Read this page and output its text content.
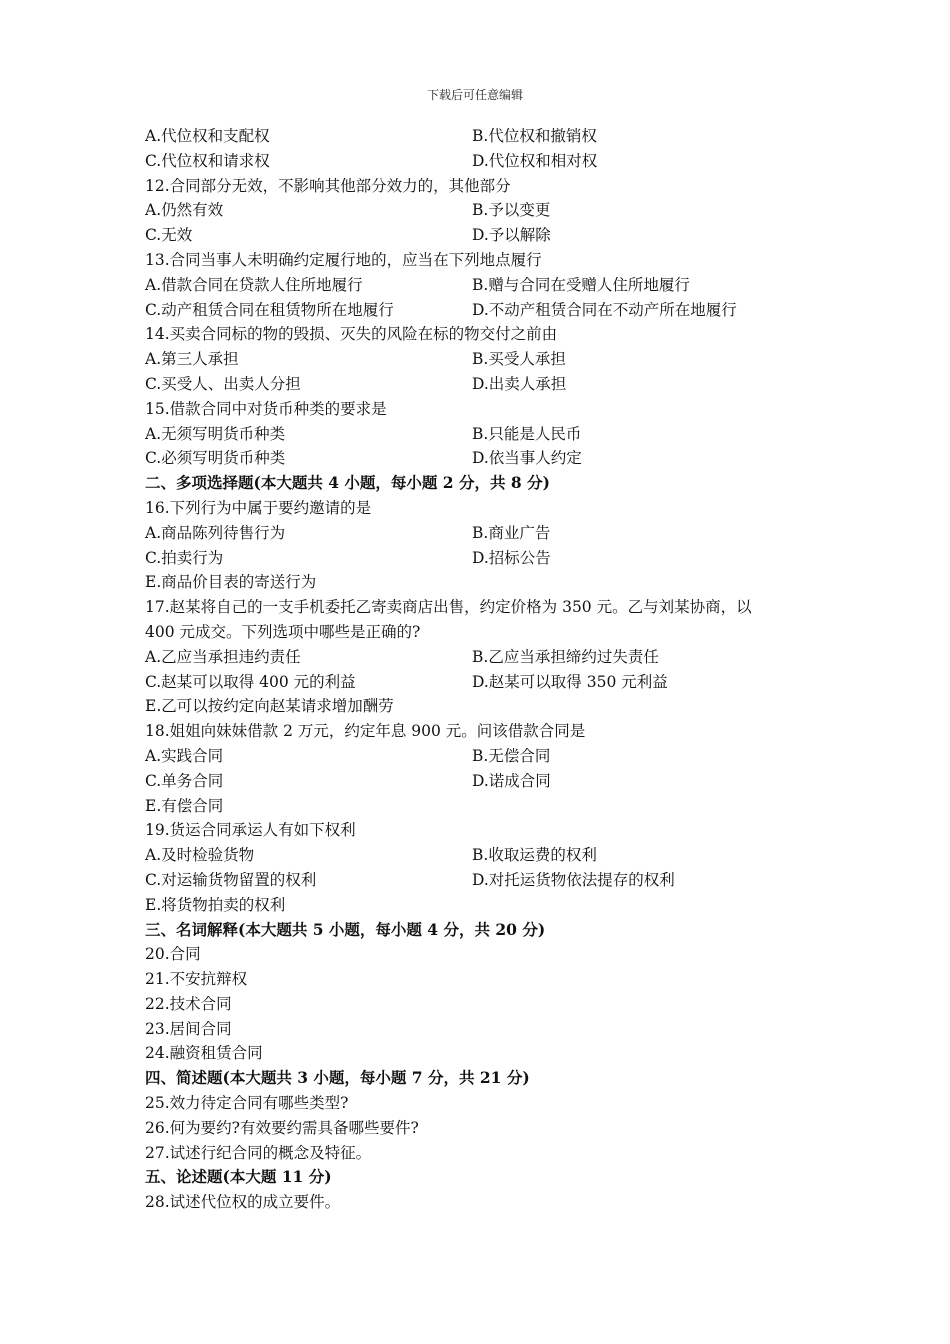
下载后可任意编辑
A.代位权和支配权	B.代位权和撤销权
C.代位权和请求权	D.代位权和相对权
12.合同部分无效，不影响其他部分效力的，其他部分
A.仍然有效	B.予以变更
C.无效	D.予以解除
13.合同当事人未明确约定履行地的，应当在下列地点履行
A.借款合同在贷款人住所地履行	B.赠与合同在受赠人住所地履行
C.动产租赁合同在租赁物所在地履行	D.不动产租赁合同在不动产所在地履行
14.买卖合同标的物的毁损、灭失的风险在标的物交付之前由
A.第三人承担	B.买受人承担
C.买受人、出卖人分担	D.出卖人承担
15.借款合同中对货币种类的要求是
A.无须写明货币种类	B.只能是人民币
C.必须写明货币种类	D.依当事人约定
二、多项选择题(本大题共 4 小题，每小题 2 分，共 8 分)
16.下列行为中属于要约邀请的是
A.商品陈列待售行为	B.商业广告
C.拍卖行为	D.招标公告
E.商品价目表的寄送行为
17.赵某将自己的一支手机委托乙寄卖商店出售，约定价格为 350 元。乙与刘某协商，以
400 元成交。下列选项中哪些是正确的?
A.乙应当承担违约责任	B.乙应当承担缔约过失责任
C.赵某可以取得 400 元的利益	D.赵某可以取得 350 元利益
E.乙可以按约定向赵某请求增加酬劳
18.姐姐向妹妹借款 2 万元，约定年息 900 元。问该借款合同是
A.实践合同	B.无偿合同
C.单务合同	D.诺成合同
E.有偿合同
19.货运合同承运人有如下权利
A.及时检验货物	B.收取运费的权利
C.对运输货物留置的权利	D.对托运货物依法提存的权利
E.将货物拍卖的权利
三、名词解释(本大题共 5 小题，每小题 4 分，共 20 分)
20.合同
21.不安抗辩权
22.技术合同
23.居间合同
24.融资租赁合同
四、简述题(本大题共 3 小题，每小题 7 分，共 21 分)
25.效力待定合同有哪些类型?
26.何为要约?有效要约需具备哪些要件?
27.试述行纪合同的概念及特征。
五、论述题(本大题 11 分)
28.试述代位权的成立要件。
